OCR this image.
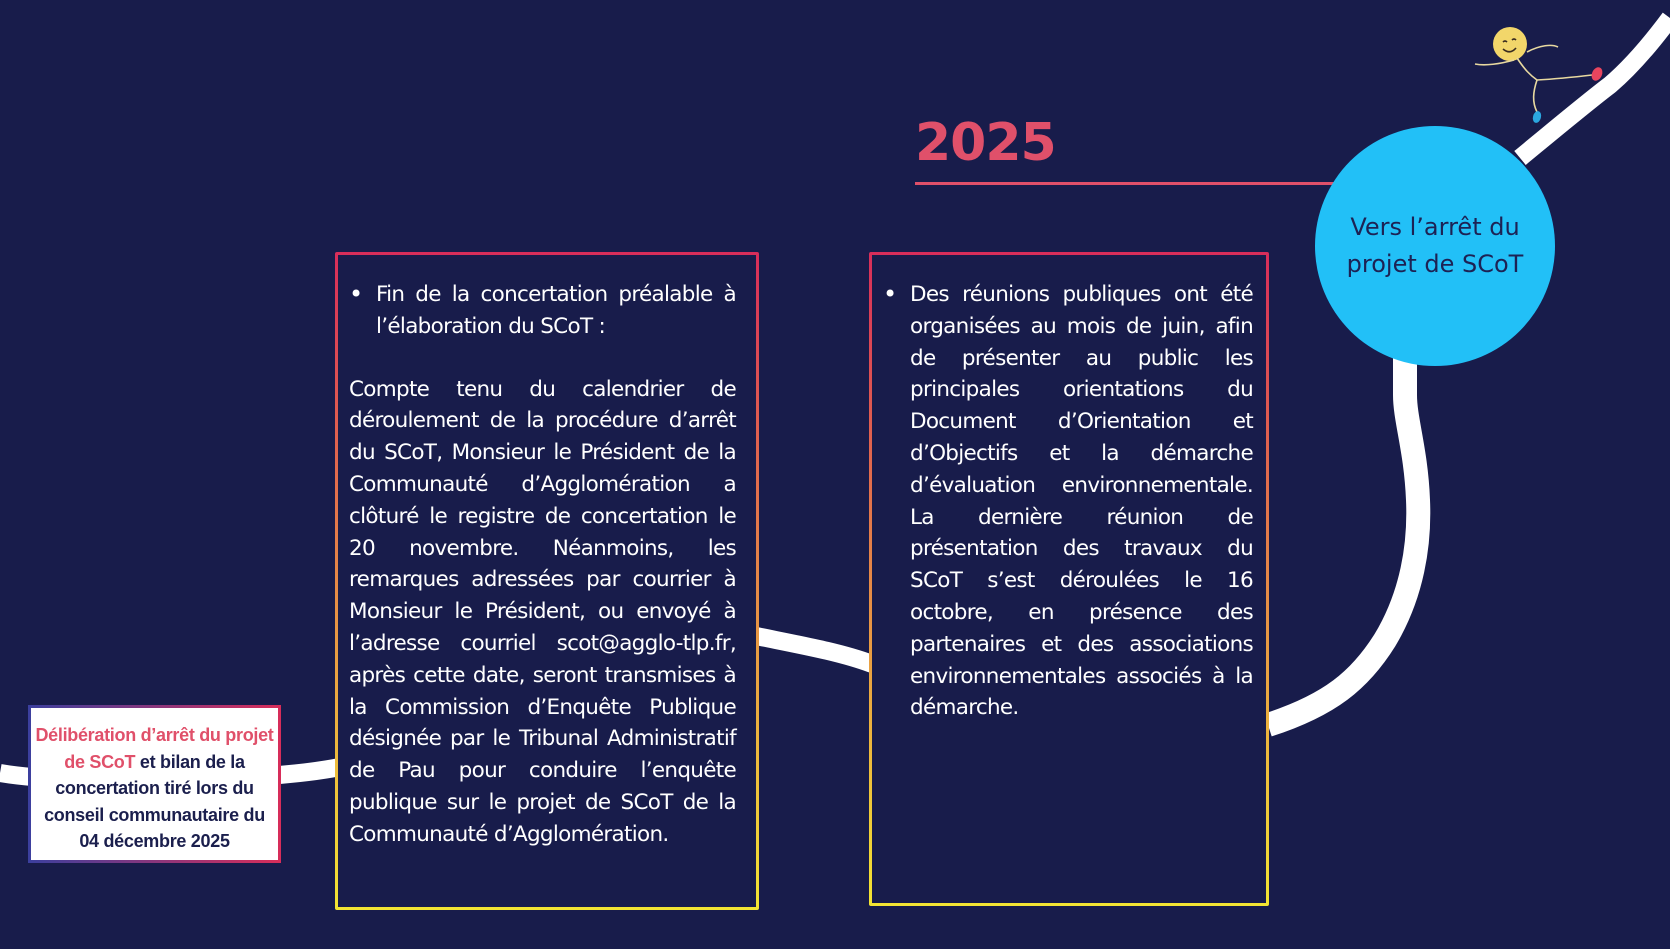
2025
Vers l’arrêt du projet de SCoT
• Fin de la concertation préalable à l’élaboration du SCoT :
Compte tenu du calendrier de déroulement de la procédure d’arrêt du SCoT, Monsieur le Président de la Communauté d’Agglomération a clôturé le registre de concertation le 20 novembre. Néanmoins, les remarques adressées par courrier à Monsieur le Président, ou envoyé à l’adresse courriel scot@agglo-tlp.fr, après cette date, seront transmises à la Commission d’Enquête Publique désignée par le Tribunal Administratif de Pau pour conduire l’enquête publique sur le projet de SCoT de la Communauté d’Agglomération.
• Des réunions publiques ont été organisées au mois de juin, afin de présenter au public les principales orientations du Document d’Orientation et d’Objectifs et la démarche d’évaluation environnementale. La dernière réunion de présentation des travaux du SCoT s’est déroulées le 16 octobre, en présence des partenaires et des associations environnementales associés à la démarche.
Délibération d’arrêt du projet de SCoT et bilan de la concertation tiré lors du conseil communautaire du 04 décembre 2025
